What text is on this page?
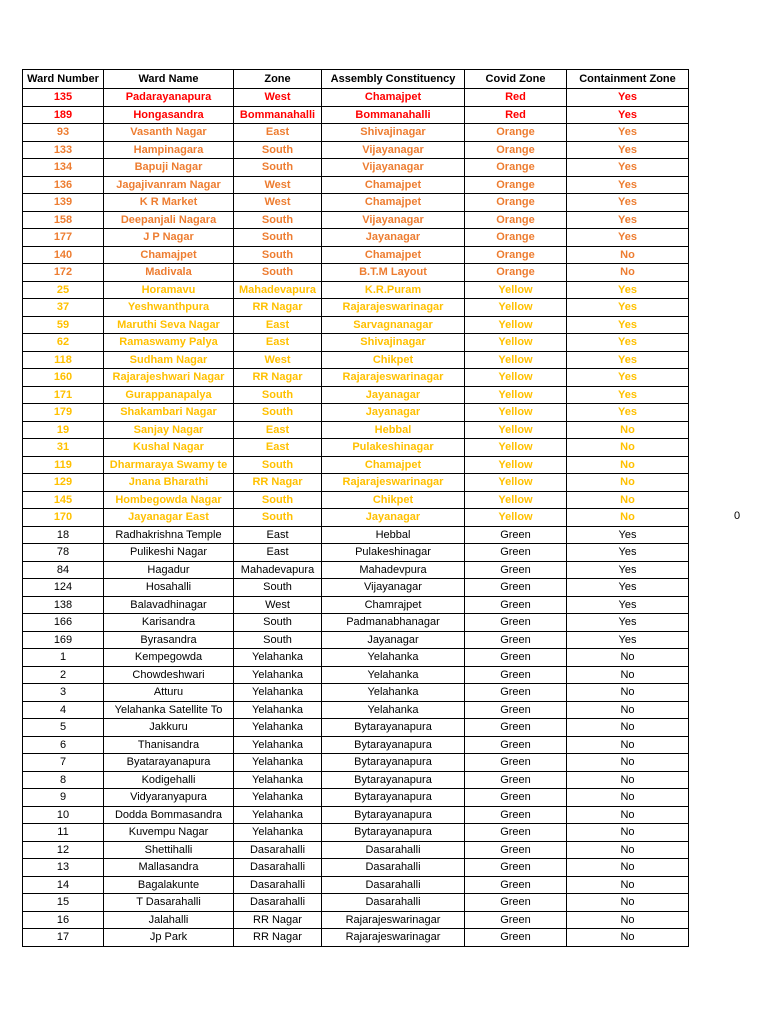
Ward Number	Ward Name	Zone	Assembly Constituency	Covid Zone	Containment Zone
135	Padarayanapura	West	Chamajpet	Red	Yes
189	Hongasandra	Bommanahalli	Bommanahalli	Red	Yes
93	Vasanth Nagar	East	Shivajinagar	Orange	Yes
133	Hampinagara	South	Vijayanagar	Orange	Yes
134	Bapuji Nagar	South	Vijayanagar	Orange	Yes
136	Jagajivanram Nagar	West	Chamajpet	Orange	Yes
139	K R Market	West	Chamajpet	Orange	Yes
158	Deepanjali Nagara	South	Vijayanagar	Orange	Yes
177	J P Nagar	South	Jayanagar	Orange	Yes
140	Chamajpet	South	Chamajpet	Orange	No
172	Madivala	South	B.T.M Layout	Orange	No
25	Horamavu	Mahadevapura	K.R.Puram	Yellow	Yes
37	Yeshwanthpura	RR Nagar	Rajarajeswarinagar	Yellow	Yes
59	Maruthi Seva Nagar	East	Sarvagnanagar	Yellow	Yes
62	Ramaswamy Palya	East	Shivajinagar	Yellow	Yes
118	Sudham Nagar	West	Chikpet	Yellow	Yes
160	Rajarajeshwari Nagar	RR Nagar	Rajarajeswarinagar	Yellow	Yes
171	Gurappanapalya	South	Jayanagar	Yellow	Yes
179	Shakambari Nagar	South	Jayanagar	Yellow	Yes
19	Sanjay Nagar	East	Hebbal	Yellow	No
31	Kushal Nagar	East	Pulakeshinagar	Yellow	No
119	Dharmaraya Swamy te	South	Chamajpet	Yellow	No
129	Jnana Bharathi	RR Nagar	Rajarajeswarinagar	Yellow	No
145	Hombegowda Nagar	South	Chikpet	Yellow	No
170	Jayanagar East	South	Jayanagar	Yellow	No
18	Radhakrishna Temple	East	Hebbal	Green	Yes
78	Pulikeshi Nagar	East	Pulakeshinagar	Green	Yes
84	Hagadur	Mahadevapura	Mahadevpura	Green	Yes
124	Hosahalli	South	Vijayanagar	Green	Yes
138	Balavadhinagar	West	Chamrajpet	Green	Yes
166	Karisandra	South	Padmanabhanagar	Green	Yes
169	Byrasandra	South	Jayanagar	Green	Yes
1	Kempegowda	Yelahanka	Yelahanka	Green	No
2	Chowdeshwari	Yelahanka	Yelahanka	Green	No
3	Atturu	Yelahanka	Yelahanka	Green	No
4	Yelahanka Satellite To	Yelahanka	Yelahanka	Green	No
5	Jakkuru	Yelahanka	Bytarayanapura	Green	No
6	Thanisandra	Yelahanka	Bytarayanapura	Green	No
7	Byatarayanapura	Yelahanka	Bytarayanapura	Green	No
8	Kodigehalli	Yelahanka	Bytarayanapura	Green	No
9	Vidyaranyapura	Yelahanka	Bytarayanapura	Green	No
10	Dodda Bommasandra	Yelahanka	Bytarayanapura	Green	No
11	Kuvempu Nagar	Yelahanka	Bytarayanapura	Green	No
12	Shettihalli	Dasarahalli	Dasarahalli	Green	No
13	Mallasandra	Dasarahalli	Dasarahalli	Green	No
14	Bagalakunte	Dasarahalli	Dasarahalli	Green	No
15	T Dasarahalli	Dasarahalli	Dasarahalli	Green	No
16	Jalahalli	RR Nagar	Rajarajeswarinagar	Green	No
17	Jp Park	RR Nagar	Rajarajeswarinagar	Green	No
0
